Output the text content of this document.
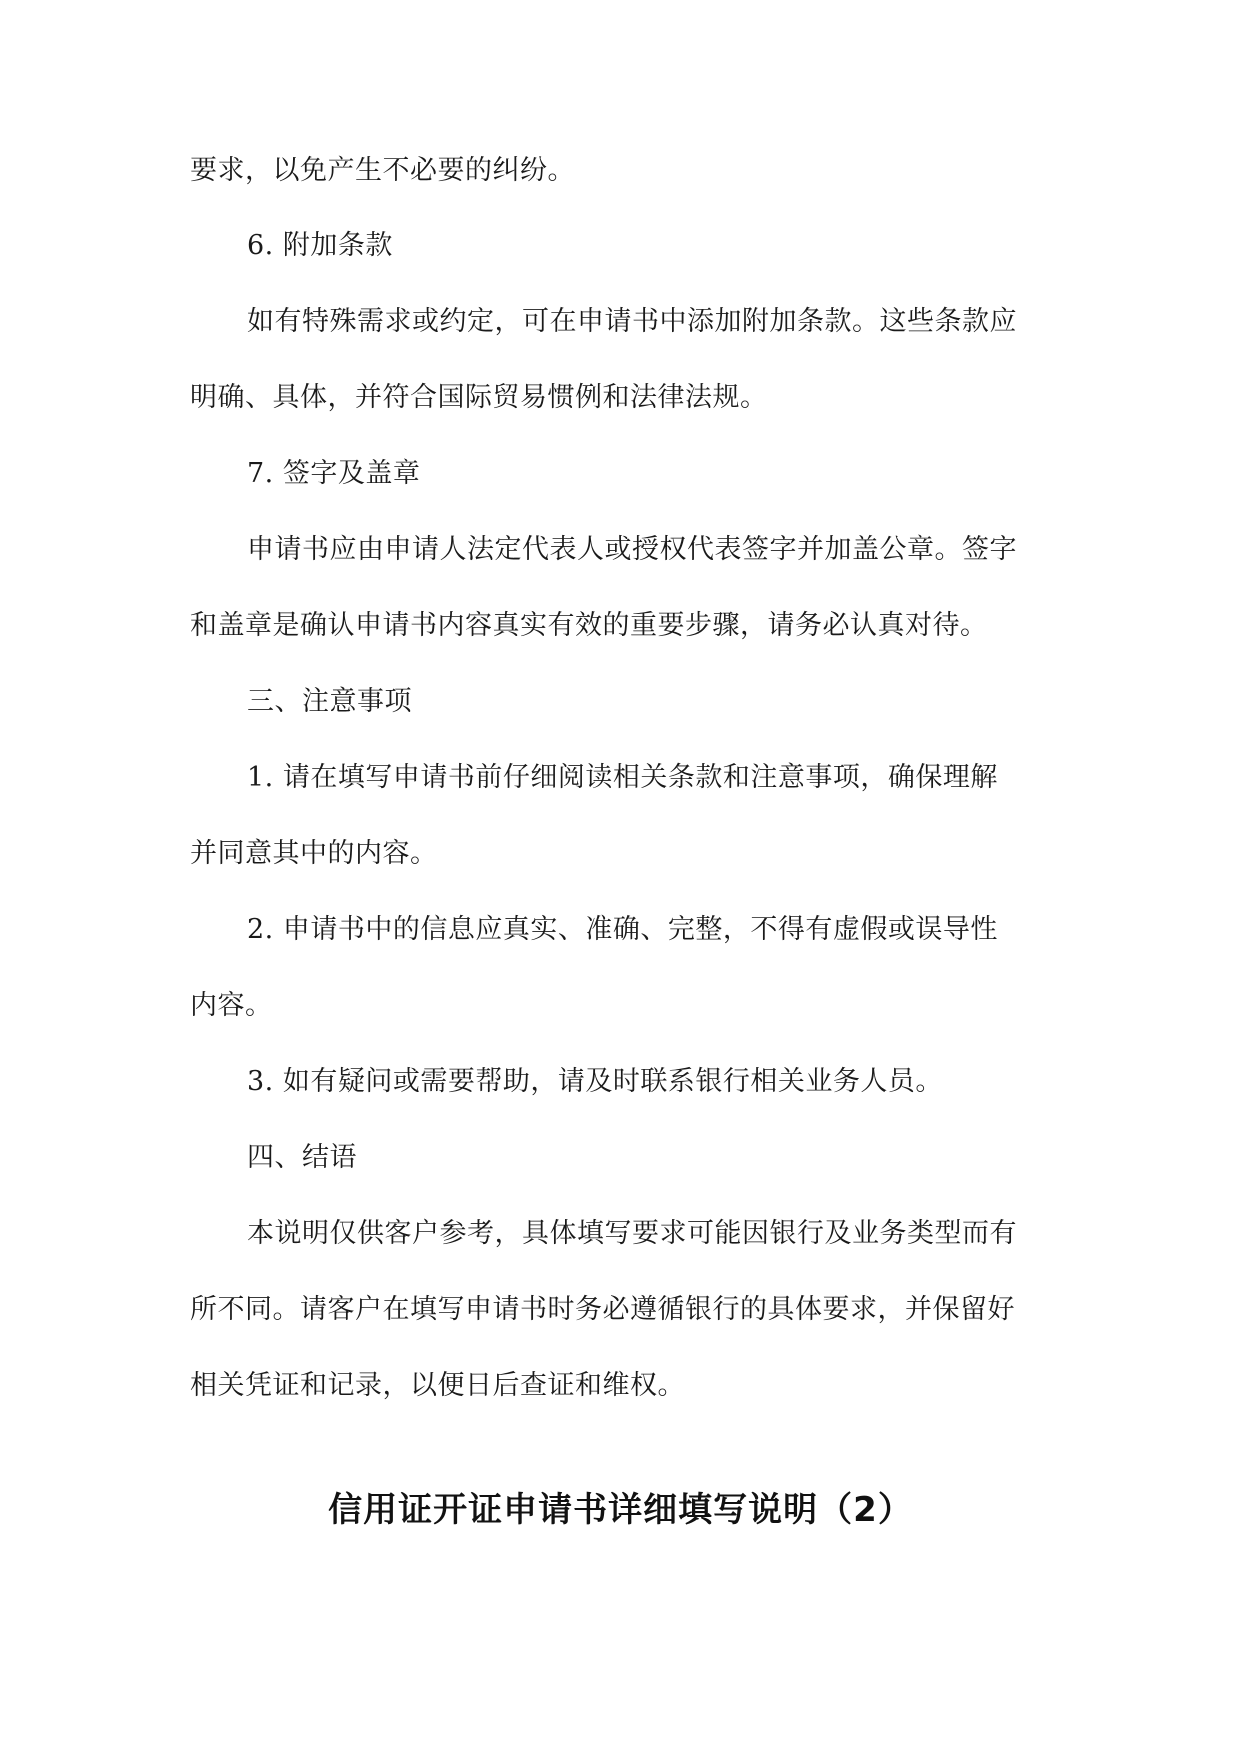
要求，以免产生不必要的纠纷。
6. 附加条款
如有特殊需求或约定，可在申请书中添加附加条款。这些条款应
明确、具体，并符合国际贸易惯例和法律法规。
7. 签字及盖章
申请书应由申请人法定代表人或授权代表签字并加盖公章。签字
和盖章是确认申请书内容真实有效的重要步骤，请务必认真对待。
三、注意事项
1. 请在填写申请书前仔细阅读相关条款和注意事项，确保理解
并同意其中的内容。
2. 申请书中的信息应真实、准确、完整，不得有虚假或误导性
内容。
3. 如有疑问或需要帮助，请及时联系银行相关业务人员。
四、结语
本说明仅供客户参考，具体填写要求可能因银行及业务类型而有
所不同。请客户在填写申请书时务必遵循银行的具体要求，并保留好
相关凭证和记录，以便日后查证和维权。
信用证开证申请书详细填写说明（2）
